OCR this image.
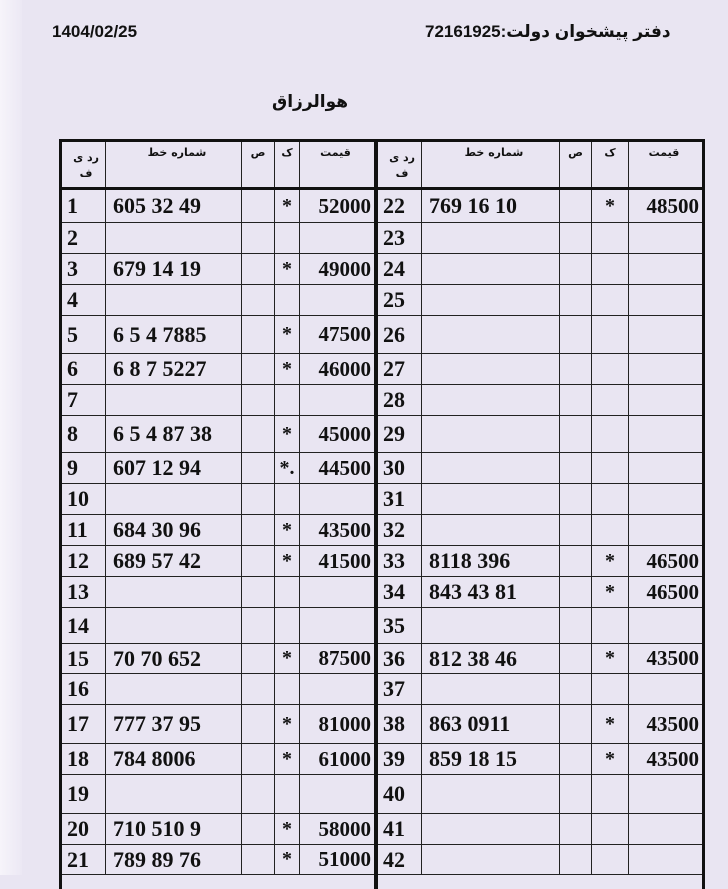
1404/02/25	دفتر پیشخوان دولت:72161925
هوالرزاق
رد ی
ف
شماره خط	ص	ک	قیمت
1	605 32 49	*	52000
2
3	679 14 19	*	49000
4
5	6 5 4 7885	*	47500
6	6 8 7 5227	*	46000
7
8	6 5 4 87 38	*	45000
9	607 12 94	*.	44500
10
11	684 30 96	*	43500
12	689 57 42	*	41500
13
14
15	70 70 652	*	87500
16
17	777 37 95	*	81000
18	784 8006	*	61000
19
20	710 510 9	*	58000
21	789 89 76	*	51000
رد ی
ف
شماره خط	ص	ک	قیمت
22	769 16 10	*	48500
23
24
25
26
27
28
29
30
31
32
33	8118 396	*	46500
34	843 43 81	*	46500
35
36	812 38 46	*	43500
37
38	863 0911	*	43500
39	859 18 15	*	43500
40
41
42
